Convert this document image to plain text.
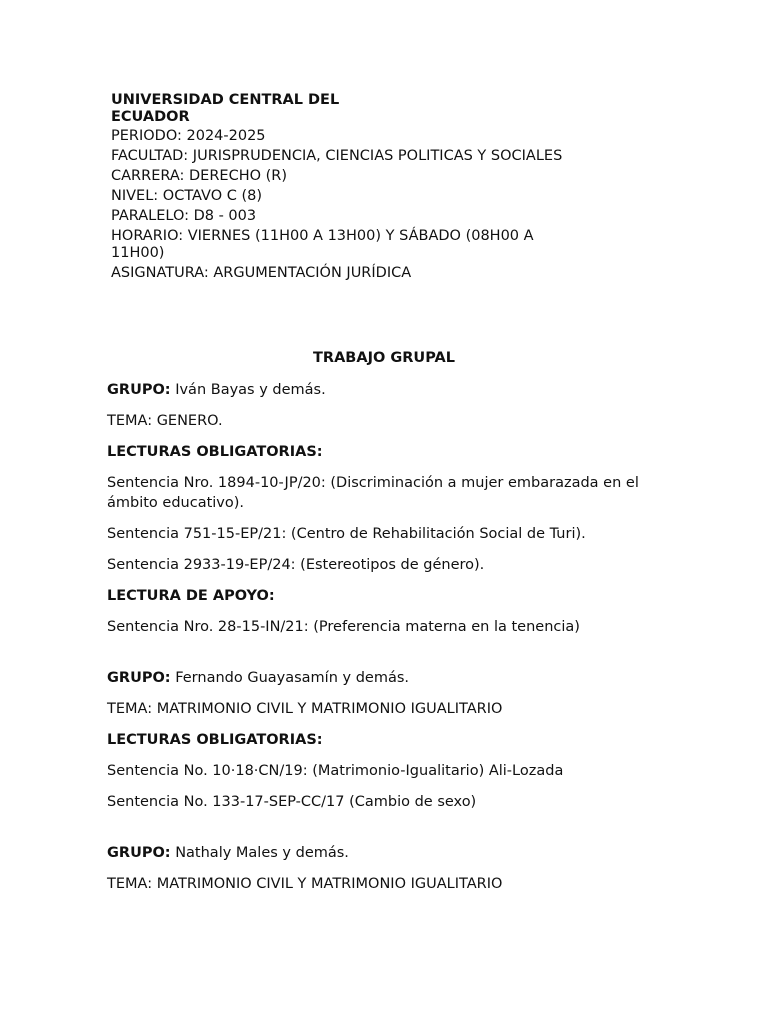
UNIVERSIDAD CENTRAL DEL ECUADOR
PERIODO: 2024-2025
FACULTAD: JURISPRUDENCIA, CIENCIAS POLITICAS Y SOCIALES
CARRERA: DERECHO (R)
NIVEL: OCTAVO C (8)
PARALELO: D8 - 003
HORARIO: VIERNES (11H00 A 13H00) Y SÁBADO (08H00 A 11H00)
ASIGNATURA: ARGUMENTACIÓN JURÍDICA
TRABAJO GRUPAL

GRUPO: Iván Bayas y demás.

TEMA: GENERO.

LECTURAS OBLIGATORIAS:

Sentencia Nro. 1894-10-JP/20: (Discriminación a mujer embarazada en el ámbito educativo).

Sentencia 751-15-EP/21: (Centro de Rehabilitación Social de Turi).

Sentencia 2933-19-EP/24: (Estereotipos de género).

LECTURA DE APOYO:

Sentencia Nro. 28-15-IN/21: (Preferencia materna en la tenencia)

GRUPO: Fernando Guayasamín y demás.

TEMA: MATRIMONIO CIVIL Y MATRIMONIO IGUALITARIO

LECTURAS OBLIGATORIAS:

Sentencia No. 10·18·CN/19: (Matrimonio-Igualitario) Ali-Lozada

Sentencia No. 133-17-SEP-CC/17 (Cambio de sexo)

GRUPO: Nathaly Males y demás.

TEMA: MATRIMONIO CIVIL Y MATRIMONIO IGUALITARIO
